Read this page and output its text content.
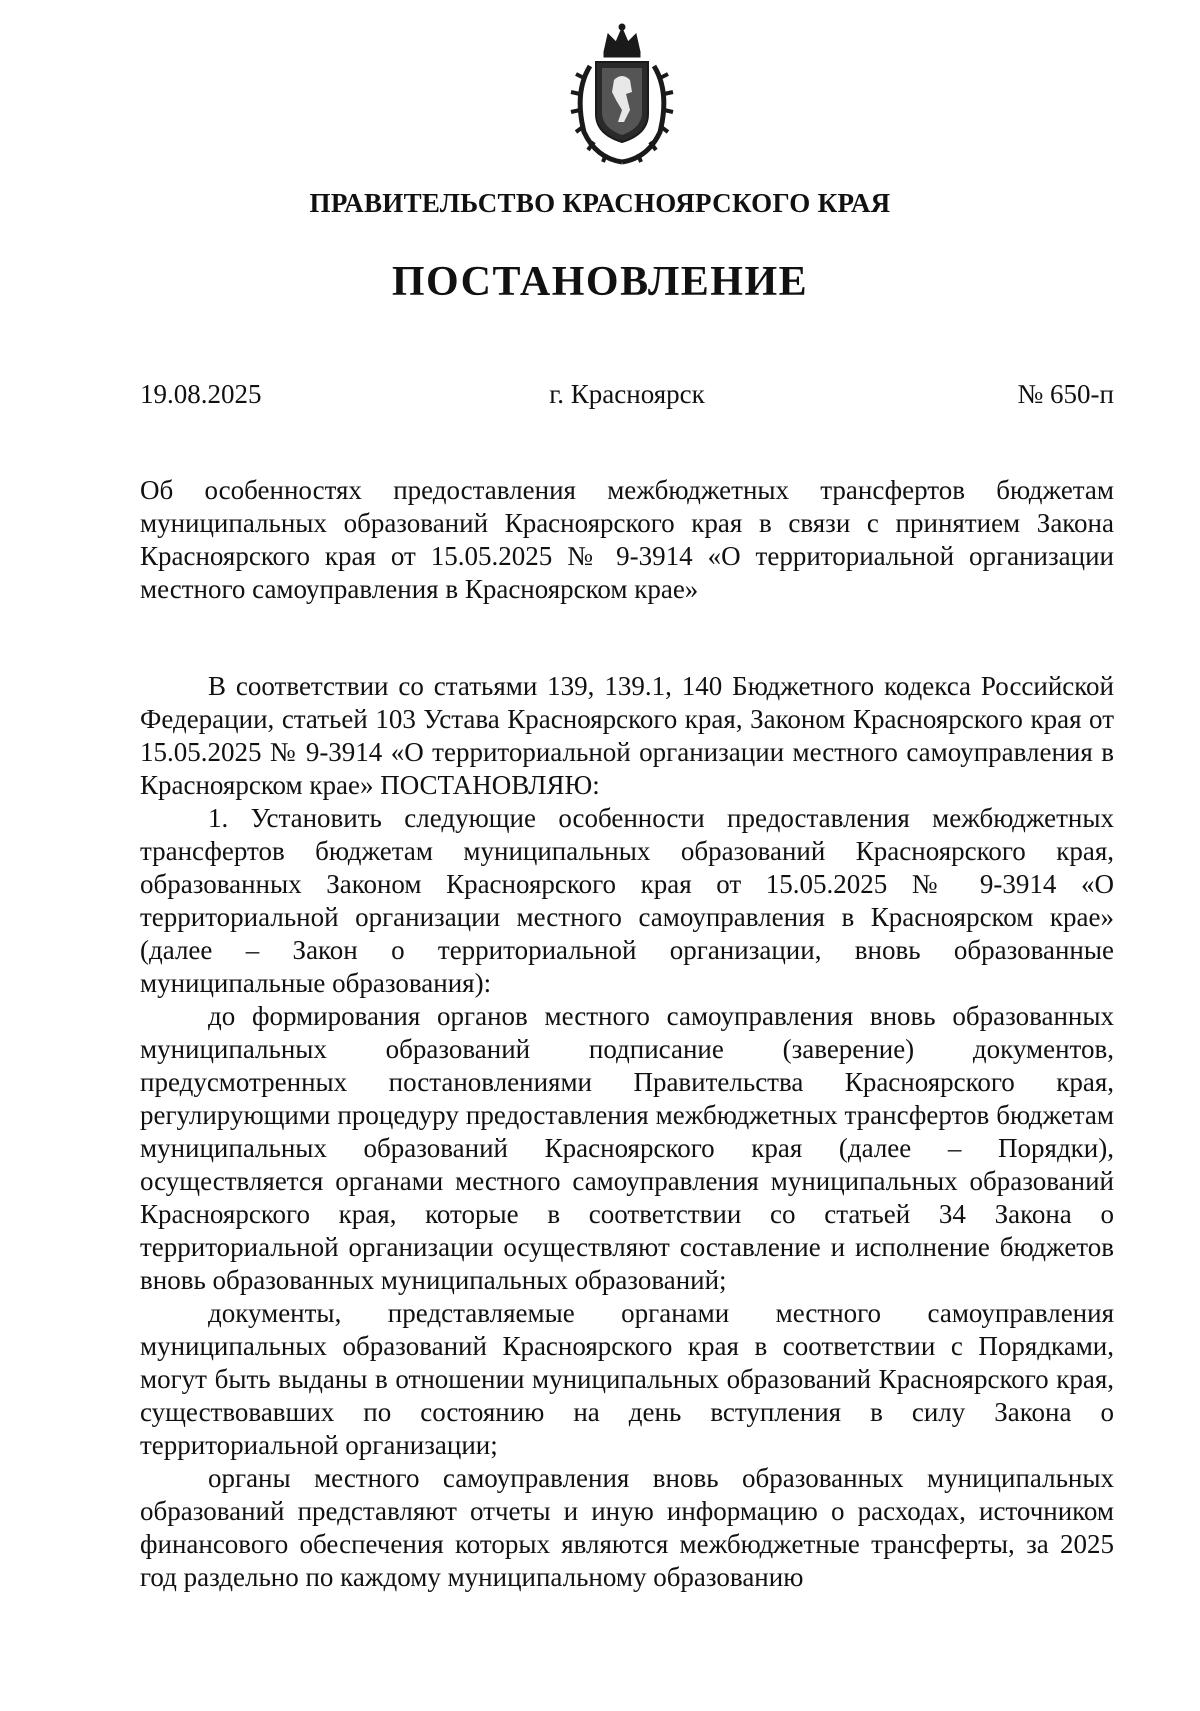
ПРАВИТЕЛЬСТВО КРАСНОЯРСКОГО КРАЯ
ПОСТАНОВЛЕНИЕ
19.08.2025	г. Красноярск	№ 650-п
Об особенностях предоставления межбюджетных трансфертов бюджетам муниципальных образований Красноярского края в связи с принятием Закона Красноярского края от 15.05.2025 № 9-3914 «О территориальной организации местного самоуправления в Красноярском крае»

В соответствии со статьями 139, 139.1, 140 Бюджетного кодекса Российской Федерации, статьей 103 Устава Красноярского края, Законом Красноярского края от 15.05.2025 № 9-3914 «О территориальной организации местного самоуправления в Красноярском крае» ПОСТАНОВЛЯЮ:

1. Установить следующие особенности предоставления межбюджетных трансфертов бюджетам муниципальных образований Красноярского края, образованных Законом Красноярского края от 15.05.2025 № 9-3914 «О территориальной организации местного самоуправления в Красноярском крае» (далее – Закон о территориальной организации, вновь образованные муниципальные образования):

до формирования органов местного самоуправления вновь образованных муниципальных образований подписание (заверение) документов, предусмотренных постановлениями Правительства Красноярского края, регулирующими процедуру предоставления межбюджетных трансфертов бюджетам муниципальных образований Красноярского края (далее – Порядки), осуществляется органами местного самоуправления муниципальных образований Красноярского края, которые в соответствии со статьей 34 Закона о территориальной организации осуществляют составление и исполнение бюджетов вновь образованных муниципальных образований;

документы, представляемые органами местного самоуправления муниципальных образований Красноярского края в соответствии с Порядками, могут быть выданы в отношении муниципальных образований Красноярского края, существовавших по состоянию на день вступления в силу Закона о территориальной организации;

органы местного самоуправления вновь образованных муниципальных образований представляют отчеты и иную информацию о расходах, источником финансового обеспечения которых являются межбюджетные трансферты, за 2025 год раздельно по каждому муниципальному образованию
